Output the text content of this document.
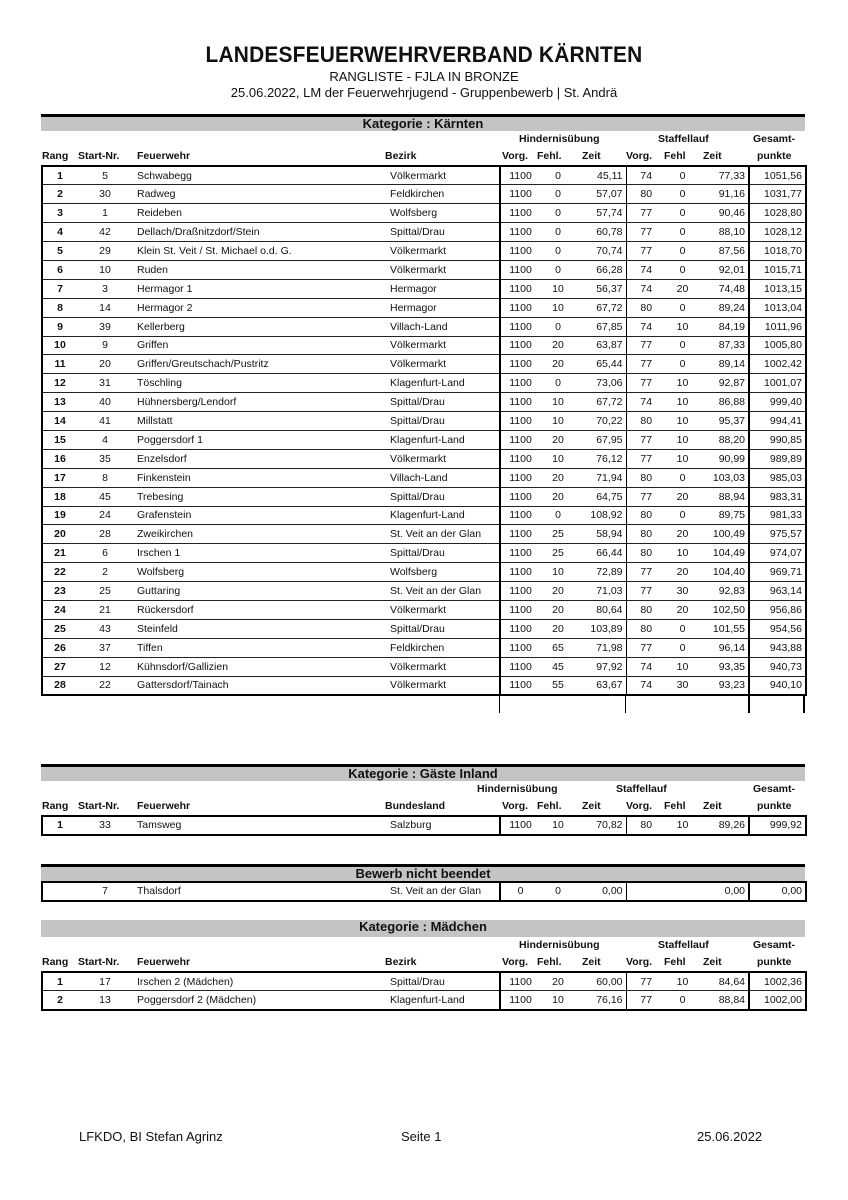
LANDESFEUERWEHRVERBAND KÄRNTEN
RANGLISTE - FJLA IN BRONZE
25.06.2022, LM der Feuerwehrjugend - Gruppenbewerb | St. Andrä
Kategorie : Kärnten
Hindernisübung	Staffellauf	Gesamt-
Rang Start-Nr. Feuerwehr	Bezirk	Vorg. Fehl. Zeit Vorg. Fehl Zeit	punkte
1	5	Schwabegg	Völkermarkt	1100	0	45,11	74	0	77,33	1051,56
2	30	Radweg	Feldkirchen	1100	0	57,07	80	0	91,16	1031,77
3	1	Reideben	Wolfsberg	1100	0	57,74	77	0	90,46	1028,80
4	42	Dellach/Draßnitzdorf/Stein	Spittal/Drau	1100	0	60,78	77	0	88,10	1028,12
5	29	Klein St. Veit / St. Michael o.d. G.	Völkermarkt	1100	0	70,74	77	0	87,56	1018,70
6	10	Ruden	Völkermarkt	1100	0	66,28	74	0	92,01	1015,71
7	3	Hermagor 1	Hermagor	1100	10	56,37	74	20	74,48	1013,15
8	14	Hermagor 2	Hermagor	1100	10	67,72	80	0	89,24	1013,04
9	39	Kellerberg	Villach-Land	1100	0	67,85	74	10	84,19	1011,96
10	9	Griffen	Völkermarkt	1100	20	63,87	77	0	87,33	1005,80
11	20	Griffen/Greutschach/Pustritz	Völkermarkt	1100	20	65,44	77	0	89,14	1002,42
12	31	Töschling	Klagenfurt-Land	1100	0	73,06	77	10	92,87	1001,07
13	40	Hühnersberg/Lendorf	Spittal/Drau	1100	10	67,72	74	10	86,88	999,40
14	41	Millstatt	Spittal/Drau	1100	10	70,22	80	10	95,37	994,41
15	4	Poggersdorf 1	Klagenfurt-Land	1100	20	67,95	77	10	88,20	990,85
16	35	Enzelsdorf	Völkermarkt	1100	10	76,12	77	10	90,99	989,89
17	8	Finkenstein	Villach-Land	1100	20	71,94	80	0	103,03	985,03
18	45	Trebesing	Spittal/Drau	1100	20	64,75	77	20	88,94	983,31
19	24	Grafenstein	Klagenfurt-Land	1100	0	108,92	80	0	89,75	981,33
20	28	Zweikirchen	St. Veit an der Glan	1100	25	58,94	80	20	100,49	975,57
21	6	Irschen 1	Spittal/Drau	1100	25	66,44	80	10	104,49	974,07
22	2	Wolfsberg	Wolfsberg	1100	10	72,89	77	20	104,40	969,71
23	25	Guttaring	St. Veit an der Glan	1100	20	71,03	77	30	92,83	963,14
24	21	Rückersdorf	Völkermarkt	1100	20	80,64	80	20	102,50	956,86
25	43	Steinfeld	Spittal/Drau	1100	20	103,89	80	0	101,55	954,56
26	37	Tiffen	Feldkirchen	1100	65	71,98	77	0	96,14	943,88
27	12	Kühnsdorf/Gallizien	Völkermarkt	1100	45	97,92	74	10	93,35	940,73
28	22	Gattersdorf/Tainach	Völkermarkt	1100	55	63,67	74	30	93,23	940,10
Kategorie : Gäste Inland
Hindernisübung	Staffellauf	Gesamt-
Rang Start-Nr. Feuerwehr	Bundesland	Vorg. Fehl. Zeit Vorg. Fehl Zeit	punkte
1	33	Tamsweg	Salzburg	1100	10	70,82	80	10	89,26	999,92
Bewerb nicht beendet
	7	Thalsdorf	St. Veit an der Glan	0	0	0,00			0,00	0,00
Kategorie : Mädchen
Hindernisübung	Staffellauf	Gesamt-
Rang Start-Nr. Feuerwehr	Bezirk	Vorg. Fehl. Zeit Vorg. Fehl Zeit	punkte
1	17	Irschen 2 (Mädchen)	Spittal/Drau	1100	20	60,00	77	10	84,64	1002,36
2	13	Poggersdorf 2 (Mädchen)	Klagenfurt-Land	1100	10	76,16	77	0	88,84	1002,00
LFKDO, BI Stefan Agrinz	Seite 1	25.06.2022
